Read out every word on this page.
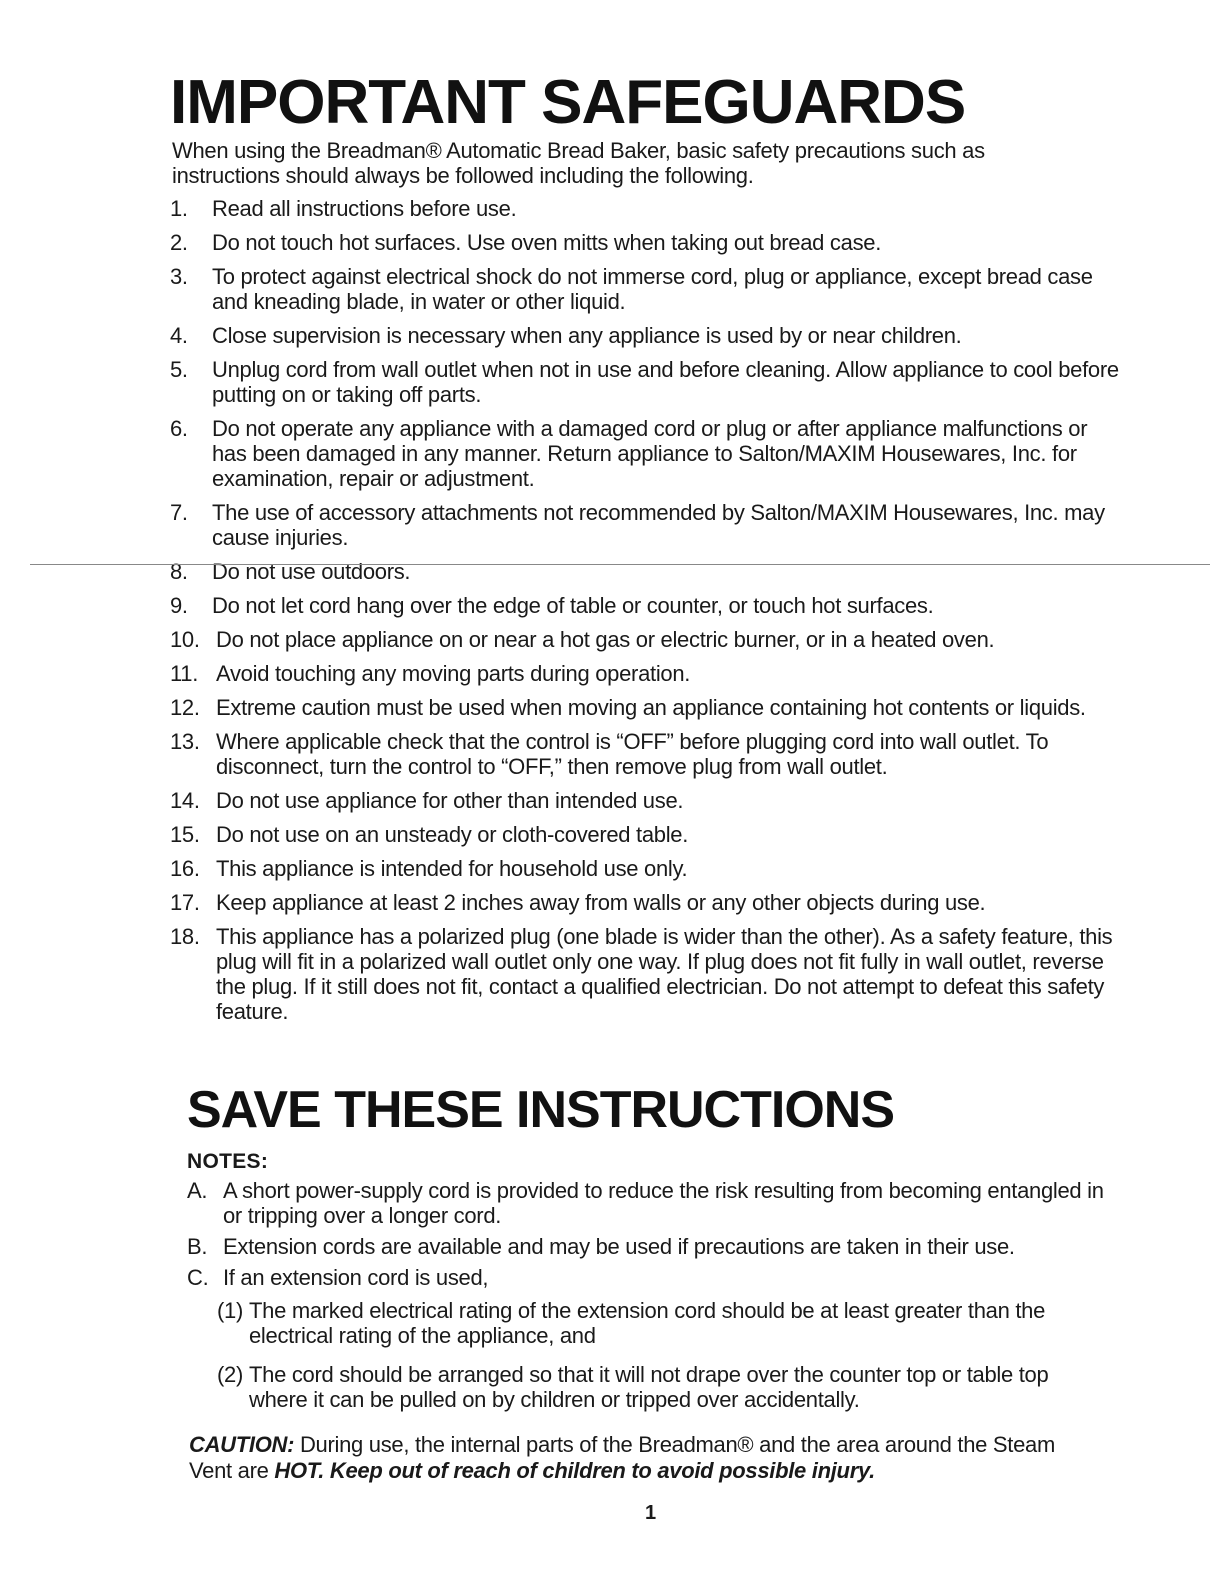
IMPORTANT SAFEGUARDS

When using the Breadman® Automatic Bread Baker, basic safety precautions such as instructions should always be followed including the following.

1. Read all instructions before use.
2. Do not touch hot surfaces. Use oven mitts when taking out bread case.
3. To protect against electrical shock do not immerse cord, plug or appliance, except bread case and kneading blade, in water or other liquid.
4. Close supervision is necessary when any appliance is used by or near children.
5. Unplug cord from wall outlet when not in use and before cleaning. Allow appliance to cool before putting on or taking off parts.
6. Do not operate any appliance with a damaged cord or plug or after appliance malfunctions or has been damaged in any manner. Return appliance to Salton/MAXIM Housewares, Inc. for examination, repair or adjustment.
7. The use of accessory attachments not recommended by Salton/MAXIM Housewares, Inc. may cause injuries.
8. Do not use outdoors.
9. Do not let cord hang over the edge of table or counter, or touch hot surfaces.
10. Do not place appliance on or near a hot gas or electric burner, or in a heated oven.
11. Avoid touching any moving parts during operation.
12. Extreme caution must be used when moving an appliance containing hot contents or liquids.
13. Where applicable check that the control is “OFF” before plugging cord into wall outlet. To disconnect, turn the control to “OFF,” then remove plug from wall outlet.
14. Do not use appliance for other than intended use.
15. Do not use on an unsteady or cloth-covered table.
16. This appliance is intended for household use only.
17. Keep appliance at least 2 inches away from walls or any other objects during use.
18. This appliance has a polarized plug (one blade is wider than the other). As a safety feature, this plug will fit in a polarized wall outlet only one way. If plug does not fit fully in wall outlet, reverse the plug. If it still does not fit, contact a qualified electrician. Do not attempt to defeat this safety feature.
SAVE THESE INSTRUCTIONS
NOTES:
A. A short power-supply cord is provided to reduce the risk resulting from becoming entangled in or tripping over a longer cord.
B. Extension cords are available and may be used if precautions are taken in their use.
C. If an extension cord is used,

(1) The marked electrical rating of the extension cord should be at least greater than the electrical rating of the appliance, and

(2) The cord should be arranged so that it will not drape over the counter top or table top where it can be pulled on by children or tripped over accidentally.

CAUTION: During use, the internal parts of the Breadman® and the area around the Steam Vent are HOT. Keep out of reach of children to avoid possible injury.

1
